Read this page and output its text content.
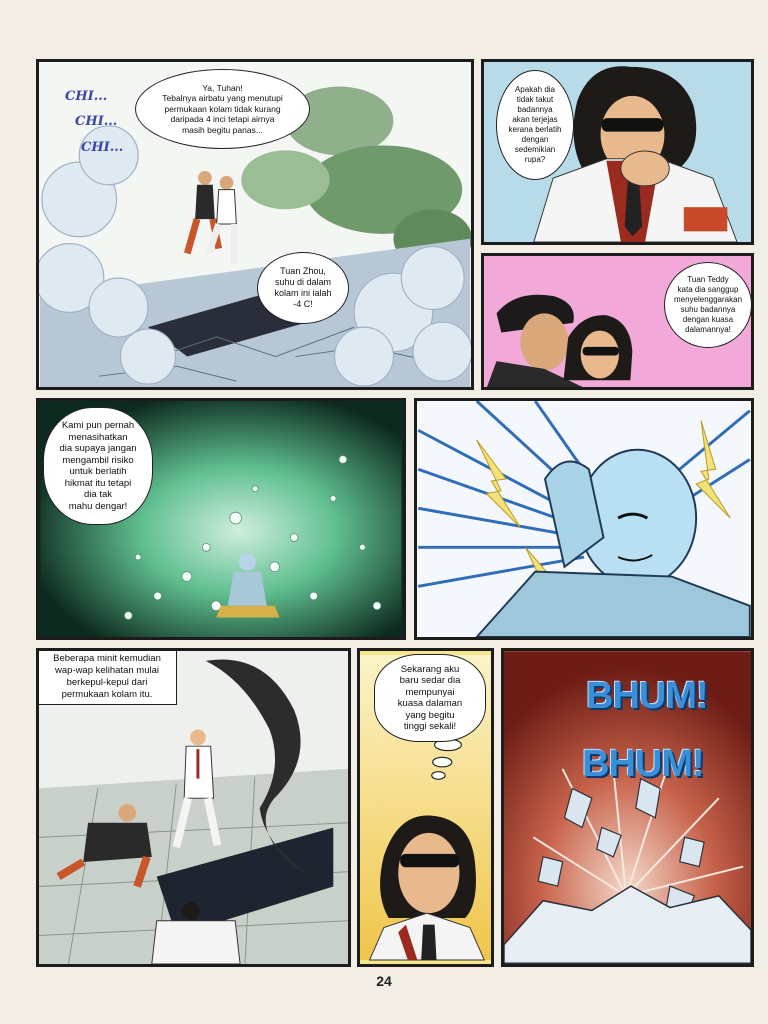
CHI...
CHI...
CHI...
Ya, Tuhan!
Tebalnya airbatu yang menutupi
permukaan kolam tidak kurang
daripada 4 inci tetapi airnya
masih begitu panas...
Tuan Zhou,
suhu di dalam
kolam ini ialah
-4 C!
Apakah dia
tidak takut
badannya
akan terjejas
kerana berlatih
dengan
sedemikian
rupa?
Tuan Teddy
kata dia sanggup
menyelenggarakan
suhu badannya
dengan kuasa
dalamannya!
Kami pun pernah
menasihatkan
dia supaya jangan
mengambil risiko
untuk berlatih
hikmat itu tetapi
dia tak
mahu dengar!
Beberapa minit kemudian
wap-wap kelihatan mulai
berkepul-kepul dari
permukaan kolam itu.
Sekarang aku
baru sedar dia
mempunyai
kuasa dalaman
yang begitu
tinggi sekali!
BHUM!
BHUM!
24
